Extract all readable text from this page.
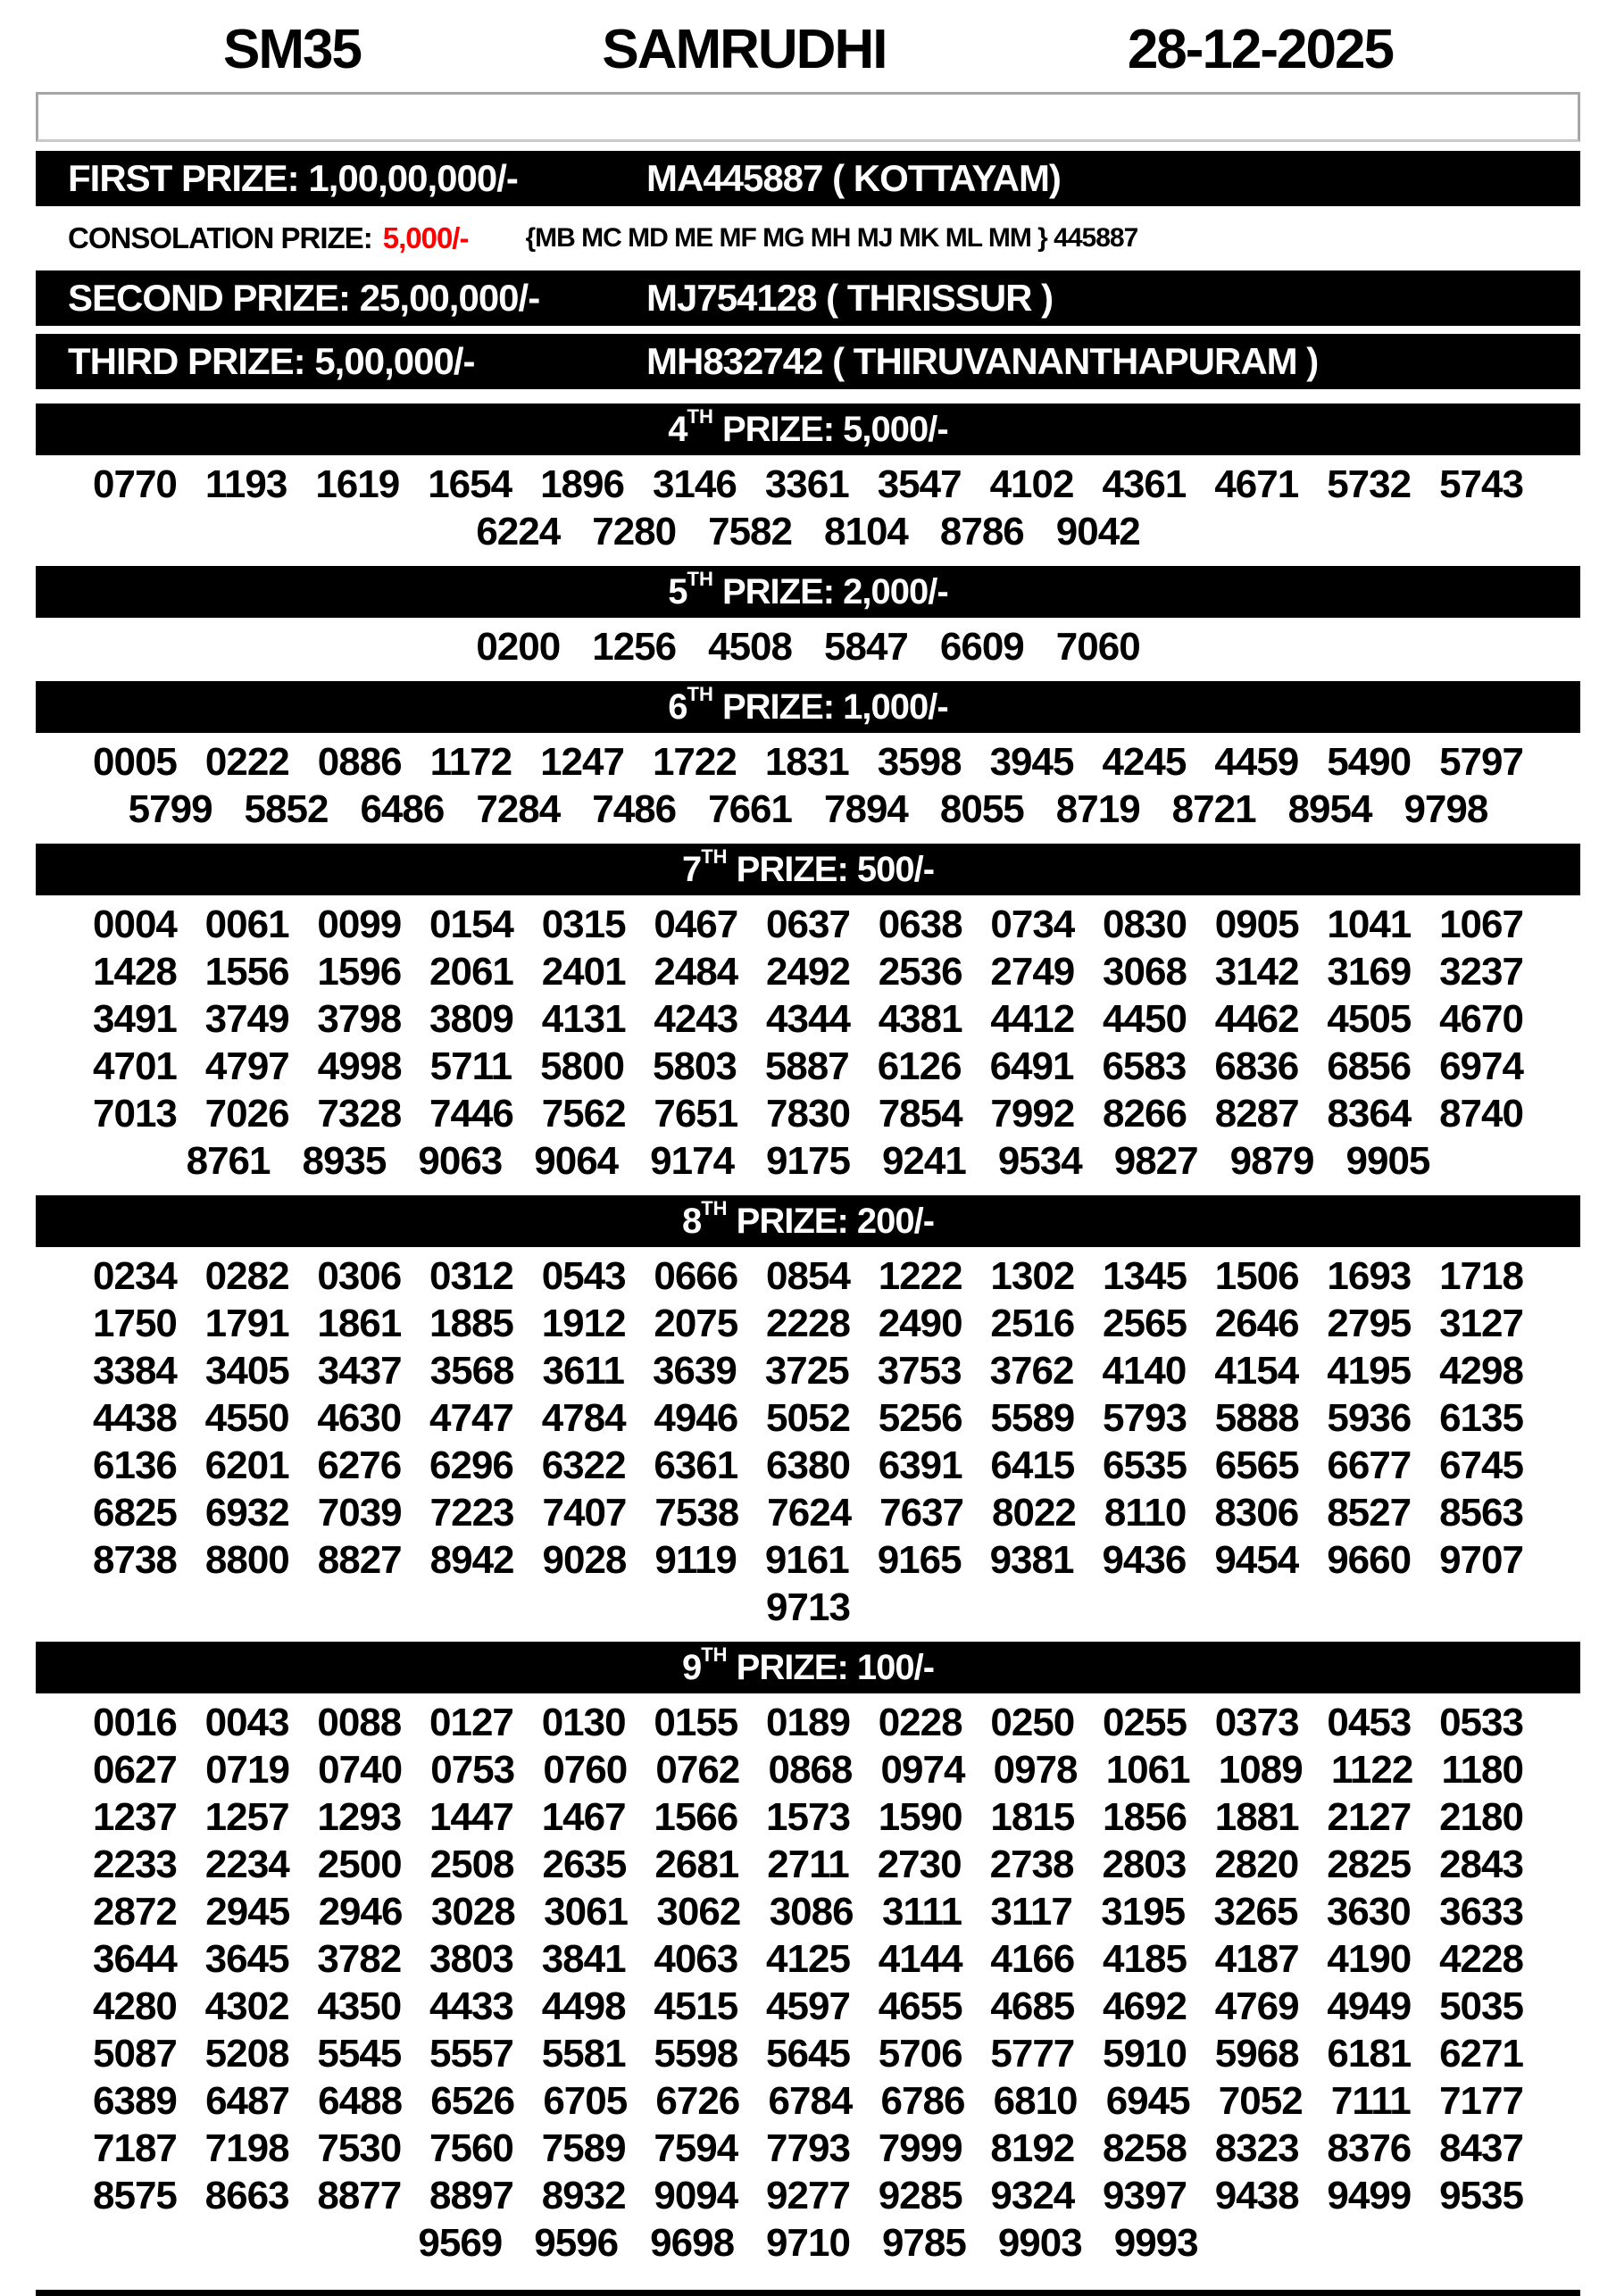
SM35	SAMRUDHI	28-12-2025
FIRST PRIZE: 1,00,00,000/-	MA445887 ( KOTTAYAM)
CONSOLATION PRIZE: 5,000/- {MB MC MD ME MF MG MH MJ MK ML MM } 445887
SECOND PRIZE: 25,00,000/-	MJ754128 ( THRISSUR )
THIRD PRIZE: 5,00,000/-	MH832742 ( THIRUVANANTHAPURAM )
4TH PRIZE: 5,000/-
0770 1193 1619 1654 1896 3146 3361 3547 4102 4361 4671 5732 5743
6224 7280 7582 8104 8786 9042
5TH PRIZE: 2,000/-
0200 1256 4508 5847 6609 7060
6TH PRIZE: 1,000/-
0005 0222 0886 1172 1247 1722 1831 3598 3945 4245 4459 5490 5797
5799 5852 6486 7284 7486 7661 7894 8055 8719 8721 8954 9798
7TH PRIZE: 500/-
0004 0061 0099 0154 0315 0467 0637 0638 0734 0830 0905 1041 1067
1428 1556 1596 2061 2401 2484 2492 2536 2749 3068 3142 3169 3237
3491 3749 3798 3809 4131 4243 4344 4381 4412 4450 4462 4505 4670
4701 4797 4998 5711 5800 5803 5887 6126 6491 6583 6836 6856 6974
7013 7026 7328 7446 7562 7651 7830 7854 7992 8266 8287 8364 8740
8761 8935 9063 9064 9174 9175 9241 9534 9827 9879 9905
8TH PRIZE: 200/-
0234 0282 0306 0312 0543 0666 0854 1222 1302 1345 1506 1693 1718
1750 1791 1861 1885 1912 2075 2228 2490 2516 2565 2646 2795 3127
3384 3405 3437 3568 3611 3639 3725 3753 3762 4140 4154 4195 4298
4438 4550 4630 4747 4784 4946 5052 5256 5589 5793 5888 5936 6135
6136 6201 6276 6296 6322 6361 6380 6391 6415 6535 6565 6677 6745
6825 6932 7039 7223 7407 7538 7624 7637 8022 8110 8306 8527 8563
8738 8800 8827 8942 9028 9119 9161 9165 9381 9436 9454 9660 9707
9713
9TH PRIZE: 100/-
0016 0043 0088 0127 0130 0155 0189 0228 0250 0255 0373 0453 0533
0627 0719 0740 0753 0760 0762 0868 0974 0978 1061 1089 1122 1180
1237 1257 1293 1447 1467 1566 1573 1590 1815 1856 1881 2127 2180
2233 2234 2500 2508 2635 2681 2711 2730 2738 2803 2820 2825 2843
2872 2945 2946 3028 3061 3062 3086 3111 3117 3195 3265 3630 3633
3644 3645 3782 3803 3841 4063 4125 4144 4166 4185 4187 4190 4228
4280 4302 4350 4433 4498 4515 4597 4655 4685 4692 4769 4949 5035
5087 5208 5545 5557 5581 5598 5645 5706 5777 5910 5968 6181 6271
6389 6487 6488 6526 6705 6726 6784 6786 6810 6945 7052 7111 7177
7187 7198 7530 7560 7589 7594 7793 7999 8192 8258 8323 8376 8437
8575 8663 8877 8897 8932 9094 9277 9285 9324 9397 9438 9499 9535
9569 9596 9698 9710 9785 9903 9993
